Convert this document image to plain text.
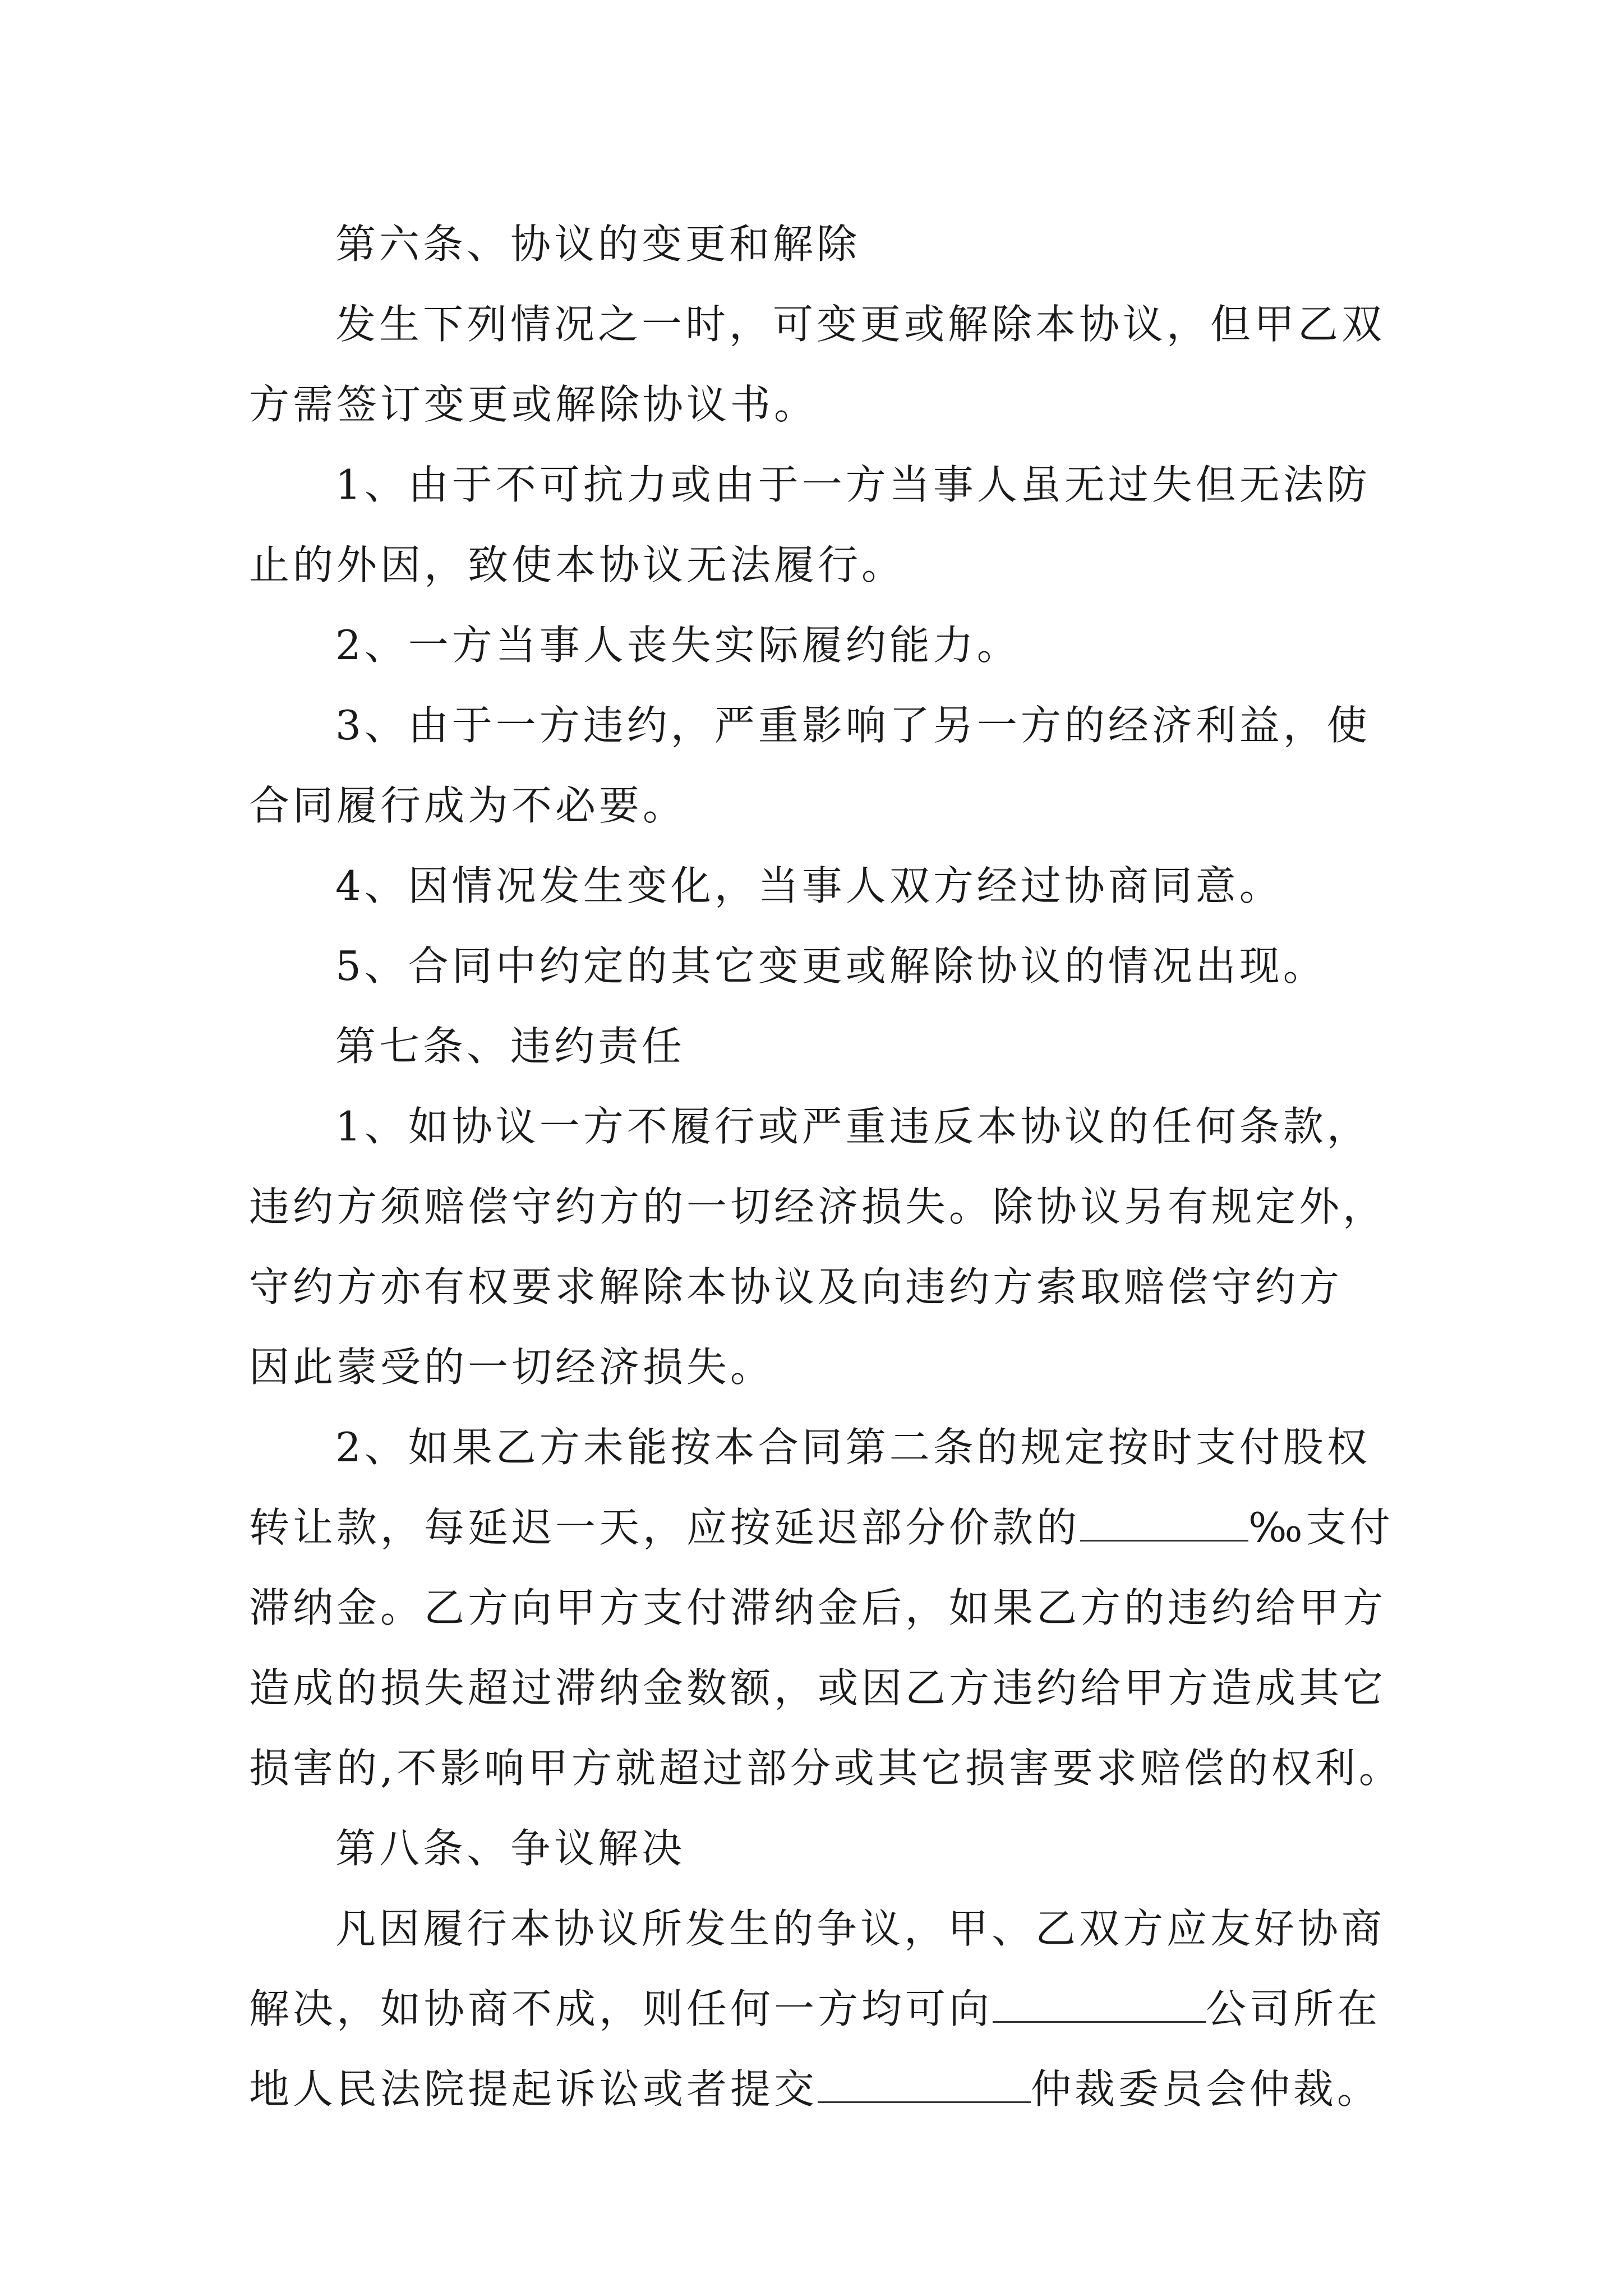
第六条、协议的变更和解除
发生下列情况之一时，可变更或解除本协议，但甲乙双
方需签订变更或解除协议书。
1、由于不可抗力或由于一方当事人虽无过失但无法防
止的外因，致使本协议无法履行。
2、一方当事人丧失实际履约能力。
3、由于一方违约，严重影响了另一方的经济利益，使
合同履行成为不必要。
4、因情况发生变化，当事人双方经过协商同意。
5、合同中约定的其它变更或解除协议的情况出现。
第七条、违约责任
1、如协议一方不履行或严重违反本协议的任何条款，
违约方须赔偿守约方的一切经济损失。除协议另有规定外，
守约方亦有权要求解除本协议及向违约方索取赔偿守约方
因此蒙受的一切经济损失。
2、如果乙方未能按本合同第二条的规定按时支付股权
转让款，每延迟一天，应按延迟部分价款的	‰支付
滞纳金。乙方向甲方支付滞纳金后，如果乙方的违约给甲方
造成的损失超过滞纳金数额，或因乙方违约给甲方造成其它
损害的,不影响甲方就超过部分或其它损害要求赔偿的权利。
第八条、争议解决
凡因履行本协议所发生的争议，甲、乙双方应友好协商
解决，如协商不成，则任何一方均可向	公司所在
地人民法院提起诉讼或者提交	仲裁委员会仲裁。
